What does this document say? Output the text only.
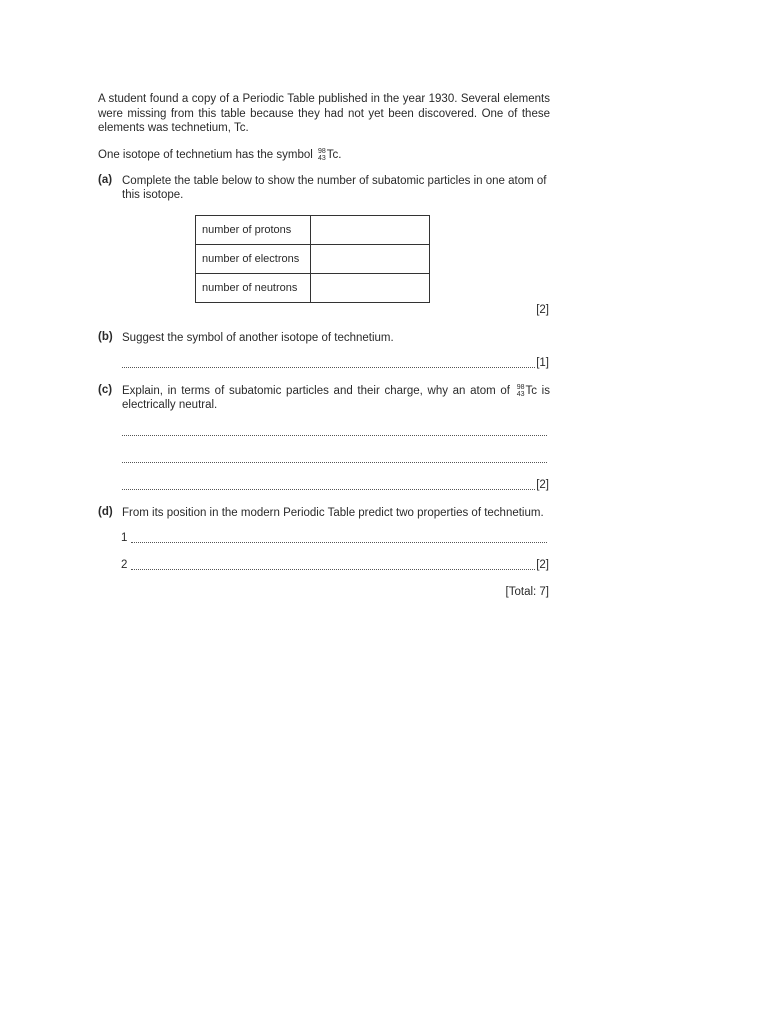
A student found a copy of a Periodic Table published in the year 1930. Several elements were missing from this table because they had not yet been discovered. One of these elements was technetium, Tc.
One isotope of technetium has the symbol 98
43 Tc.
(a) Complete the table below to show the number of subatomic particles in one atom of this isotope.
number of protons	
number of electrons	
number of neutrons	
[2]
(b) Suggest the symbol of another isotope of technetium.
[1]
(c) Explain, in terms of subatomic particles and their charge, why an atom of 98
43 Tc is electrically neutral.
[2]
(d) From its position in the modern Periodic Table predict two properties of technetium.
1
2	[2]
[Total: 7]
